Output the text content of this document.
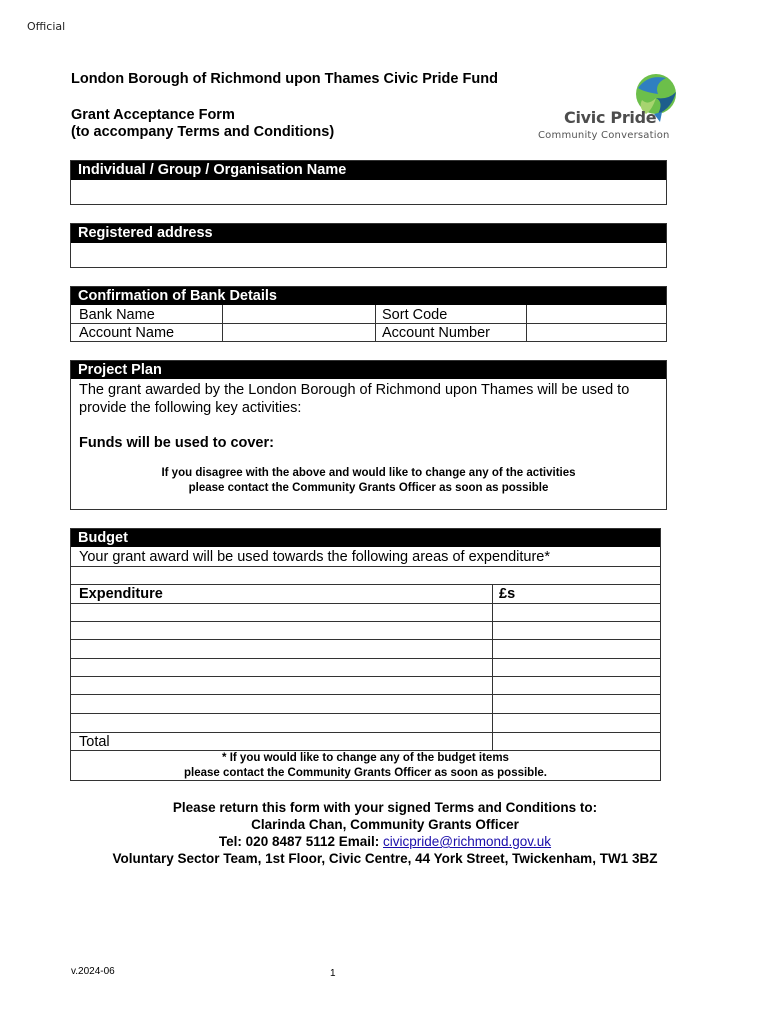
Official
London Borough of Richmond upon Thames Civic Pride Fund
Grant Acceptance Form
(to accompany Terms and Conditions)
Civic Pride
Community Conversation
Individual / Group / Organisation Name
Registered address
Confirmation of Bank Details
Bank Name
Account Name
Sort Code
Account Number
Project Plan
The grant awarded by the London Borough of Richmond upon Thames will be used to
provide the following key activities:
Funds will be used to cover:
If you disagree with the above and would like to change any of the activities
please contact the Community Grants Officer as soon as possible
Budget
Your grant award will be used towards the following areas of expenditure*
Expenditure	£s
Total
* If you would like to change any of the budget items
please contact the Community Grants Officer as soon as possible.
Please return this form with your signed Terms and Conditions to:
Clarinda Chan, Community Grants Officer
Tel: 020 8487 5112 Email: civicpride@richmond.gov.uk
Voluntary Sector Team, 1st Floor, Civic Centre, 44 York Street, Twickenham, TW1 3BZ
v.2024-06	1
